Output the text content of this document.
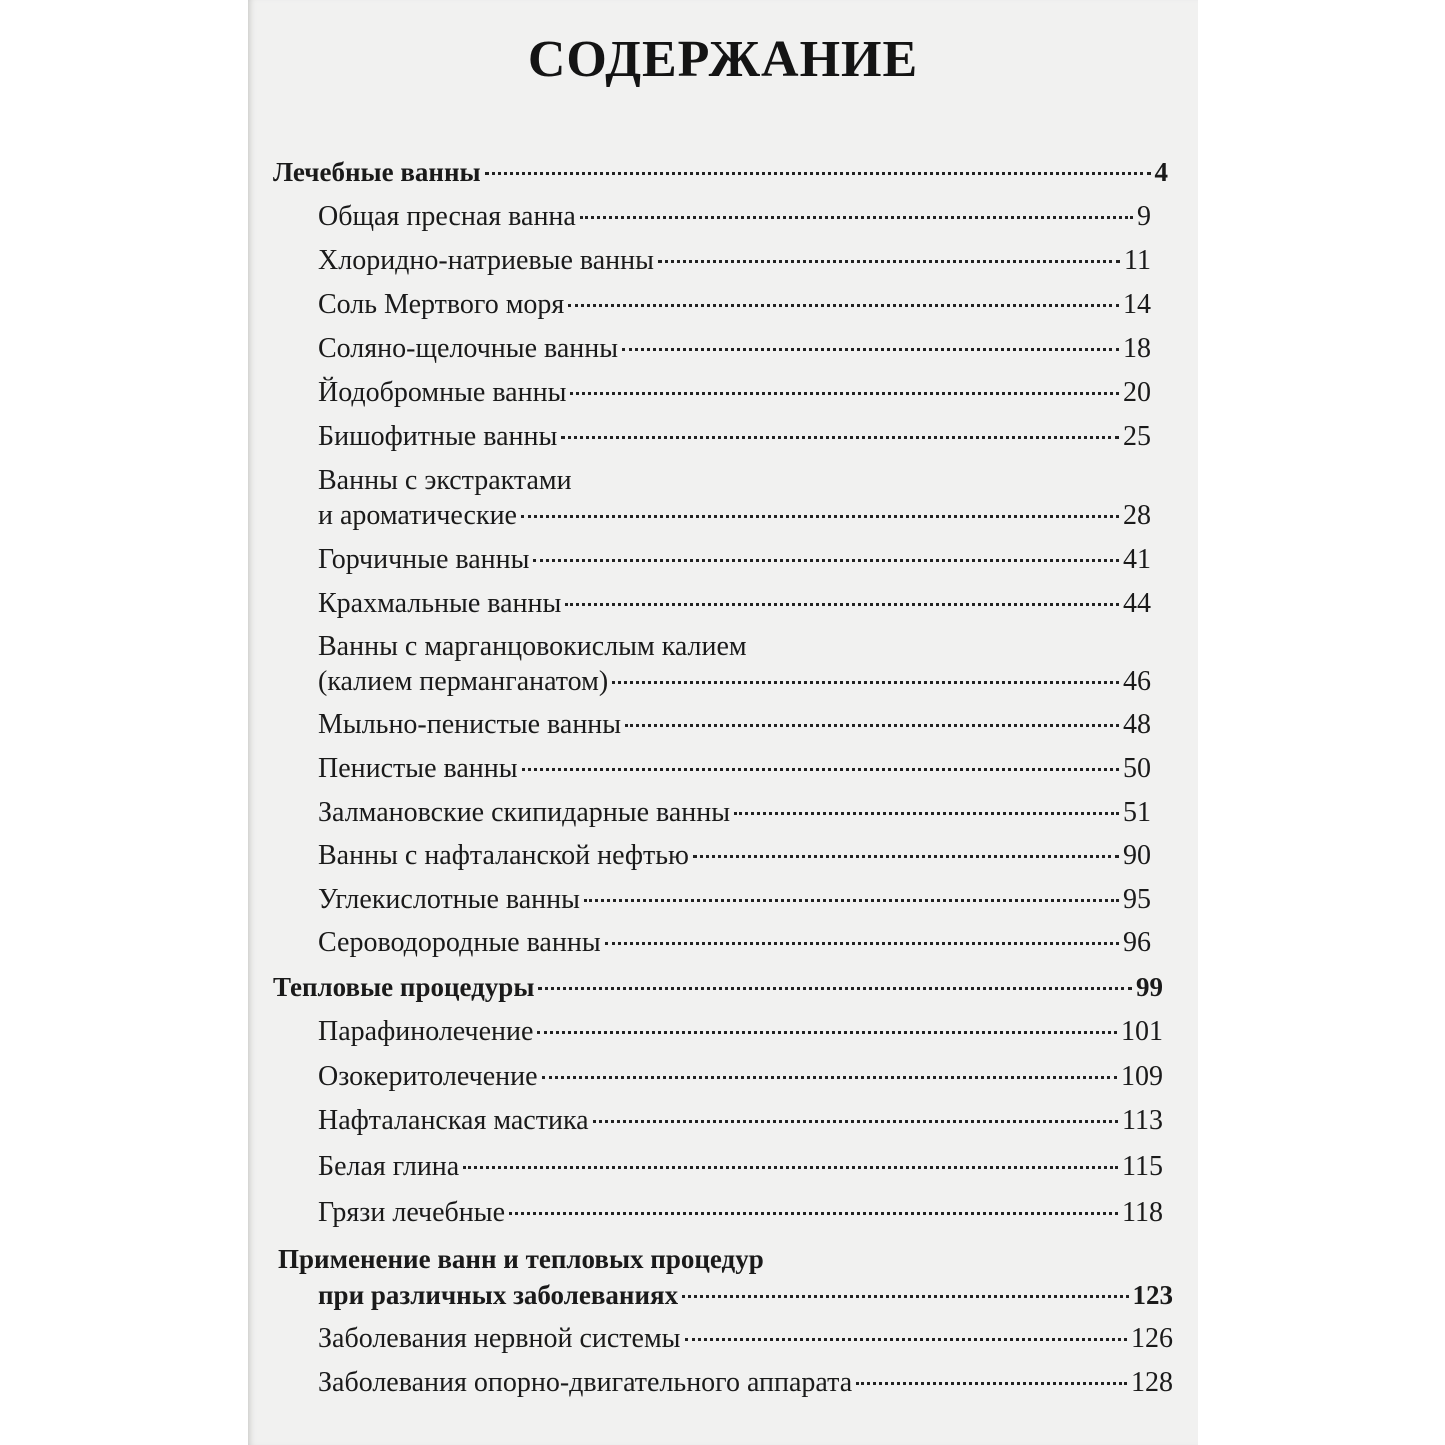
СОДЕРЖАНИЕ
Лечебные ванны	4
Общая пресная ванна	9
Хлоридно-натриевые ванны	11
Соль Мертвого моря	14
Соляно-щелочные ванны	18
Йодобромные ванны	20
Бишофитные ванны	25
Ванны с экстрактами
и ароматические	28
Горчичные ванны	41
Крахмальные ванны	44
Ванны с марганцовокислым калием
(калием перманганатом)	46
Мыльно-пенистые ванны	48
Пенистые ванны	50
Залмановские скипидарные ванны	51
Ванны с нафталанской нефтью	90
Углекислотные ванны	95
Сероводородные ванны	96
Тепловые процедуры	99
Парафинолечение	101
Озокеритолечение	109
Нафталанская мастика	113
Белая глина	115
Грязи лечебные	118
Применение ванн и тепловых процедур
при различных заболеваниях	123
Заболевания нервной системы	126
Заболевания опорно-двигательного аппарата	128
